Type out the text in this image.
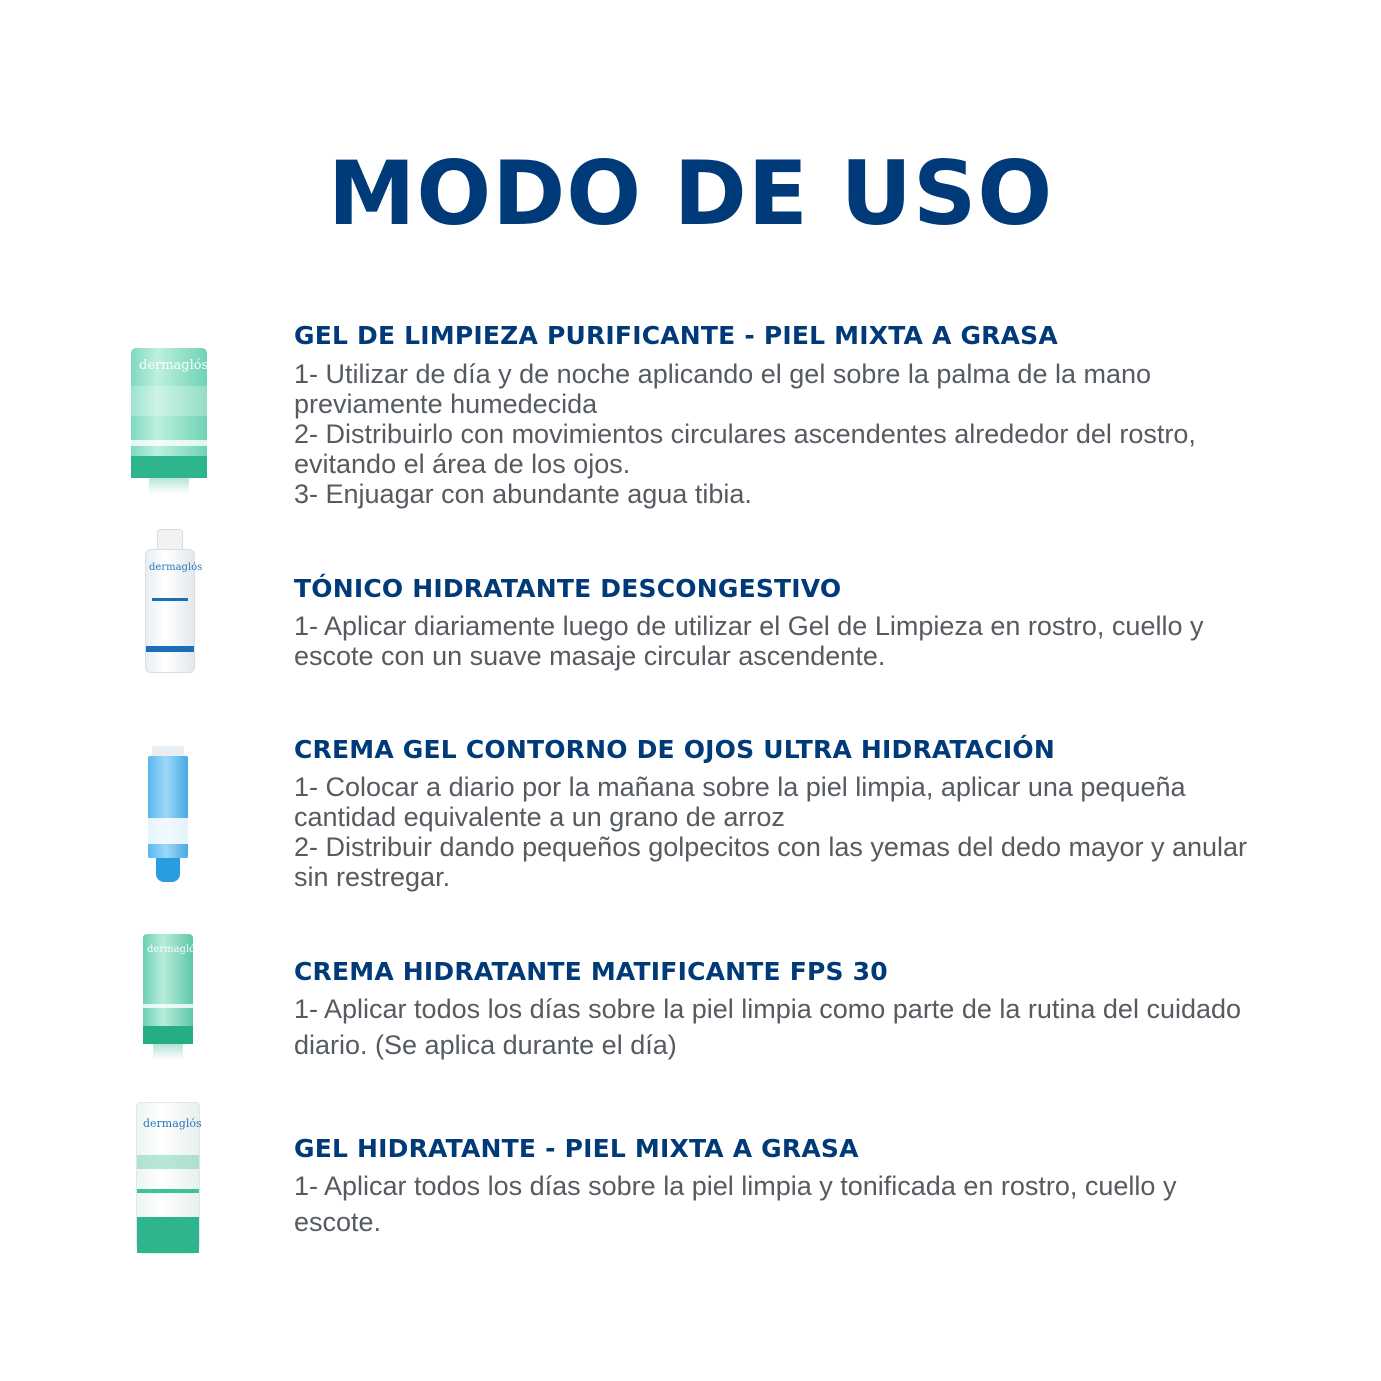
MODO DE USO
dermaglós
GEL DE LIMPIEZA PURIFICANTE - PIEL MIXTA A GRASA

1- Utilizar de día y de noche aplicando el gel sobre la palma de la mano previamente humedecida

2- Distribuirlo con movimientos circulares ascendentes alrededor del rostro, evitando el área de los ojos.

3- Enjuagar con abundante agua tibia.

dermaglós
TÓNICO HIDRATANTE DESCONGESTIVO

1- Aplicar diariamente luego de utilizar el Gel de Limpieza en rostro, cuello y escote con un suave masaje circular ascendente.

CREMA GEL CONTORNO DE OJOS ULTRA HIDRATACIÓN

1- Colocar a diario por la mañana sobre la piel limpia, aplicar una pequeña cantidad equivalente a un grano de arroz

2- Distribuir dando pequeños golpecitos con las yemas del dedo mayor y anular sin restregar.

dermaglós
CREMA HIDRATANTE MATIFICANTE FPS 30

1- Aplicar todos los días sobre la piel limpia como parte de la rutina del cuidado diario. (Se aplica durante el día)

dermaglós
GEL HIDRATANTE - PIEL MIXTA A GRASA

1- Aplicar todos los días sobre la piel limpia y tonificada en rostro, cuello y escote.
